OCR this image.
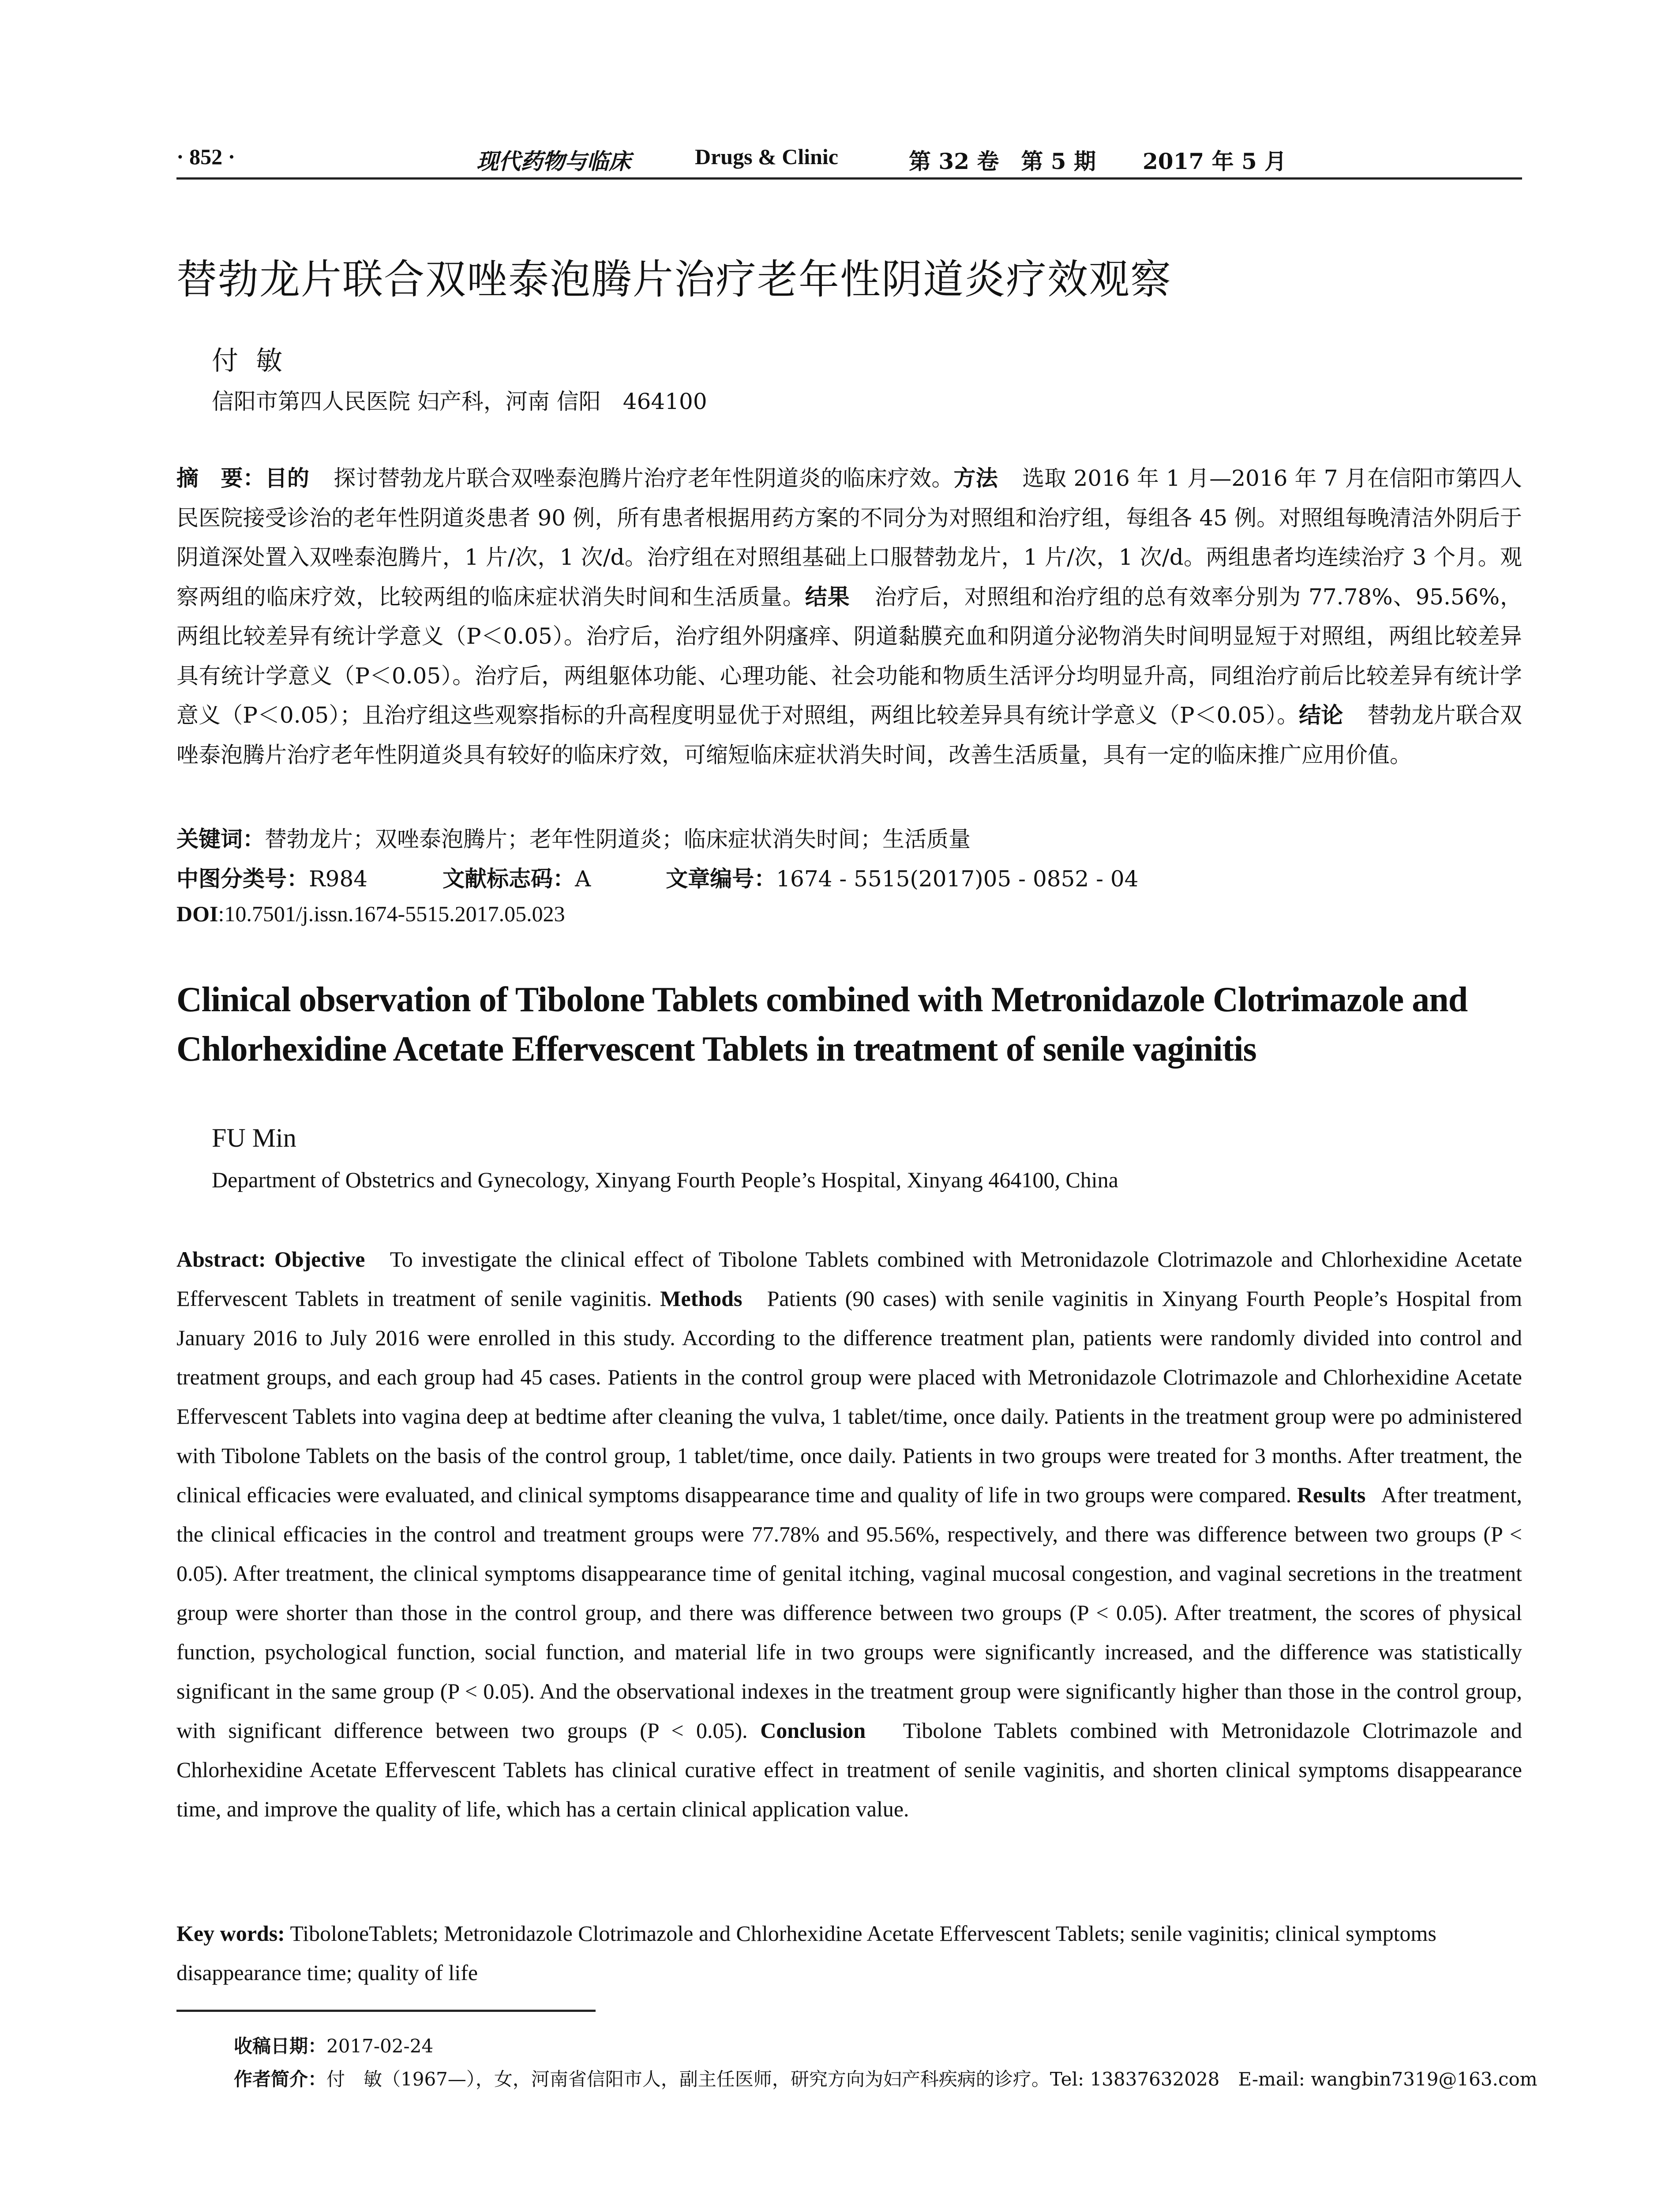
· 852 ·	现代药物与临床	Drugs & Clinic	第 32 卷　第 5 期 2017 年 5 月
替勃龙片联合双唑泰泡腾片治疗老年性阴道炎疗效观察
付敏
信阳市第四人民医院 妇产科，河南 信阳　464100
摘　要：目的 探讨替勃龙片联合双唑泰泡腾片治疗老年性阴道炎的临床疗效。方法 选取 2016 年 1 月—2016 年 7 月在信阳市第四人民医院接受诊治的老年性阴道炎患者 90 例，所有患者根据用药方案的不同分为对照组和治疗组，每组各 45 例。对照组每晚清洁外阴后于阴道深处置入双唑泰泡腾片，1 片/次，1 次/d。治疗组在对照组基础上口服替勃龙片，1 片/次，1 次/d。两组患者均连续治疗 3 个月。观察两组的临床疗效，比较两组的临床症状消失时间和生活质量。结果 治疗后，对照组和治疗组的总有效率分别为 77.78%、95.56%，两组比较差异有统计学意义（P＜0.05）。治疗后，治疗组外阴瘙痒、阴道黏膜充血和阴道分泌物消失时间明显短于对照组，两组比较差异具有统计学意义（P＜0.05）。治疗后，两组躯体功能、心理功能、社会功能和物质生活评分均明显升高，同组治疗前后比较差异有统计学意义（P＜0.05）；且治疗组这些观察指标的升高程度明显优于对照组，两组比较差异具有统计学意义（P＜0.05）。结论 替勃龙片联合双唑泰泡腾片治疗老年性阴道炎具有较好的临床疗效，可缩短临床症状消失时间，改善生活质量，具有一定的临床推广应用价值。
关键词：替勃龙片；双唑泰泡腾片；老年性阴道炎；临床症状消失时间；生活质量
中图分类号：R984	文献标志码：A	文章编号：1674 - 5515(2017)05 - 0852 - 04
DOI:10.7501/j.issn.1674-5515.2017.05.023
Clinical observation of Tibolone Tablets combined with Metronidazole Clotrimazole and Chlorhexidine Acetate Effervescent Tablets in treatment of senile vaginitis
FU Min
Department of Obstetrics and Gynecology, Xinyang Fourth People’s Hospital, Xinyang 464100, China
Abstract: Objective To investigate the clinical effect of Tibolone Tablets combined with Metronidazole Clotrimazole and Chlorhexidine Acetate Effervescent Tablets in treatment of senile vaginitis. Methods Patients (90 cases) with senile vaginitis in Xinyang Fourth People’s Hospital from January 2016 to July 2016 were enrolled in this study. According to the difference treatment plan, patients were randomly divided into control and treatment groups, and each group had 45 cases. Patients in the control group were placed with Metronidazole Clotrimazole and Chlorhexidine Acetate Effervescent Tablets into vagina deep at bedtime after cleaning the vulva, 1 tablet/time, once daily. Patients in the treatment group were po administered with Tibolone Tablets on the basis of the control group, 1 tablet/time, once daily. Patients in two groups were treated for 3 months. After treatment, the clinical efficacies were evaluated, and clinical symptoms disappearance time and quality of life in two groups were compared. Results After treatment, the clinical efficacies in the control and treatment groups were 77.78% and 95.56%, respectively, and there was difference between two groups (P < 0.05). After treatment, the clinical symptoms disappearance time of genital itching, vaginal mucosal congestion, and vaginal secretions in the treatment group were shorter than those in the control group, and there was difference between two groups (P < 0.05). After treatment, the scores of physical function, psychological function, social function, and material life in two groups were significantly increased, and the difference was statistically significant in the same group (P < 0.05). And the observational indexes in the treatment group were significantly higher than those in the control group, with significant difference between two groups (P < 0.05). Conclusion Tibolone Tablets combined with Metronidazole Clotrimazole and Chlorhexidine Acetate Effervescent Tablets has clinical curative effect in treatment of senile vaginitis, and shorten clinical symptoms disappearance time, and improve the quality of life, which has a certain clinical application value.
Key words: TiboloneTablets; Metronidazole Clotrimazole and Chlorhexidine Acetate Effervescent Tablets; senile vaginitis; clinical symptoms disappearance time; quality of life
收稿日期：2017-02-24
作者简介：付　敏（1967—），女，河南省信阳市人，副主任医师，研究方向为妇产科疾病的诊疗。Tel: 13837632028　E-mail: wangbin7319@163.com
